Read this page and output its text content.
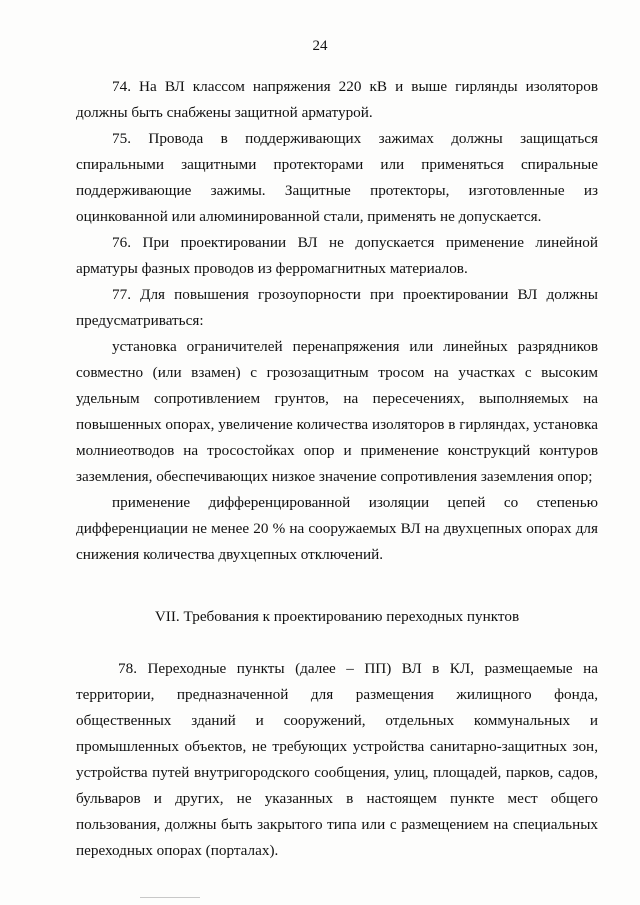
24

74. На ВЛ классом напряжения 220 кВ и выше гирлянды изоляторов должны быть снабжены защитной арматурой.

75. Провода в поддерживающих зажимах должны защищаться спиральными защитными протекторами или применяться спиральные поддерживающие зажимы. Защитные протекторы, изготовленные из оцинкованной или алюминированной стали, применять не допускается.

76. При проектировании ВЛ не допускается применение линейной арматуры фазных проводов из ферромагнитных материалов.

77. Для повышения грозоупорности при проектировании ВЛ должны предусматриваться:

установка ограничителей перенапряжения или линейных разрядников совместно (или взамен) с грозозащитным тросом на участках с высоким удельным сопротивлением грунтов, на пересечениях, выполняемых на повышенных опорах, увеличение количества изоляторов в гирляндах, установка молниеотводов на тросостойках опор и применение конструкций контуров заземления, обеспечивающих низкое значение сопротивления заземления опор;

применение дифференцированной изоляции цепей со степенью дифференциации не менее 20 % на сооружаемых ВЛ на двухцепных опорах для снижения количества двухцепных отключений.

VII. Требования к проектированию переходных пунктов

78. Переходные пункты (далее – ПП) ВЛ в КЛ, размещаемые на территории, предназначенной для размещения жилищного фонда, общественных зданий и сооружений, отдельных коммунальных и промышленных объектов, не требующих устройства санитарно-защитных зон, устройства путей внутригородского сообщения, улиц, площадей, парков, садов, бульваров и других, не указанных в настоящем пункте мест общего пользования, должны быть закрытого типа или с размещением на специальных переходных опорах (порталах).
